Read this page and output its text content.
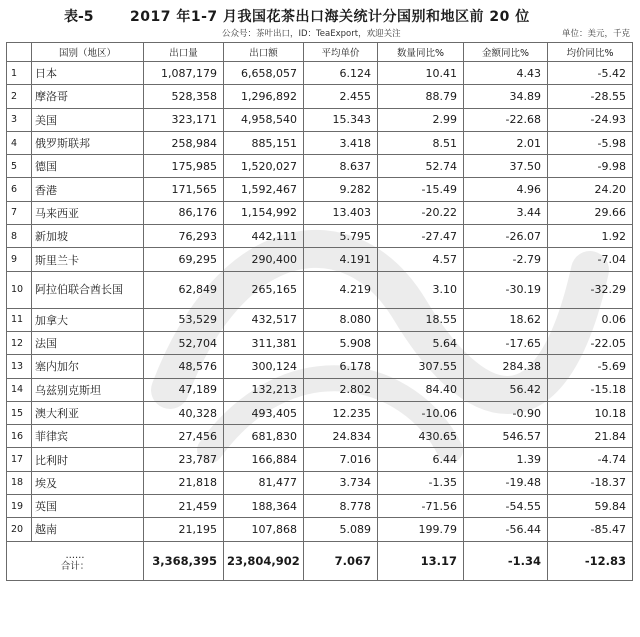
表-5	2017 年1-7 月我国花茶出口海关统计分国别和地区前 20 位
公众号：茶叶出口，ID：TeaExport，欢迎关注	单位：美元，千克
	国别（地区）	出口量	出口额	平均单价	数量同比%	金额同比%	均价同比%
1	日本	1,087,179	6,658,057	6.124	10.41	4.43	-5.42
2	摩洛哥	528,358	1,296,892	2.455	88.79	34.89	-28.55
3	美国	323,171	4,958,540	15.343	2.99	-22.68	-24.93
4	俄罗斯联邦	258,984	885,151	3.418	8.51	2.01	-5.98
5	德国	175,985	1,520,027	8.637	52.74	37.50	-9.98
6	香港	171,565	1,592,467	9.282	-15.49	4.96	24.20
7	马来西亚	86,176	1,154,992	13.403	-20.22	3.44	29.66
8	新加坡	76,293	442,111	5.795	-27.47	-26.07	1.92
9	斯里兰卡	69,295	290,400	4.191	4.57	-2.79	-7.04
10	阿拉伯联合酋长国	62,849	265,165	4.219	3.10	-30.19	-32.29
11	加拿大	53,529	432,517	8.080	18.55	18.62	0.06
12	法国	52,704	311,381	5.908	5.64	-17.65	-22.05
13	塞内加尔	48,576	300,124	6.178	307.55	284.38	-5.69
14	乌兹别克斯坦	47,189	132,213	2.802	84.40	56.42	-15.18
15	澳大利亚	40,328	493,405	12.235	-10.06	-0.90	10.18
16	菲律宾	27,456	681,830	24.834	430.65	546.57	21.84
17	比利时	23,787	166,884	7.016	6.44	1.39	-4.74
18	埃及	21,818	81,477	3.734	-1.35	-19.48	-18.37
19	英国	21,459	188,364	8.778	-71.56	-54.55	59.84
20	越南	21,195	107,868	5.089	199.79	-56.44	-85.47

……
合计：		3,368,395	23,804,902	7.067	13.17	-1.34	-12.83
